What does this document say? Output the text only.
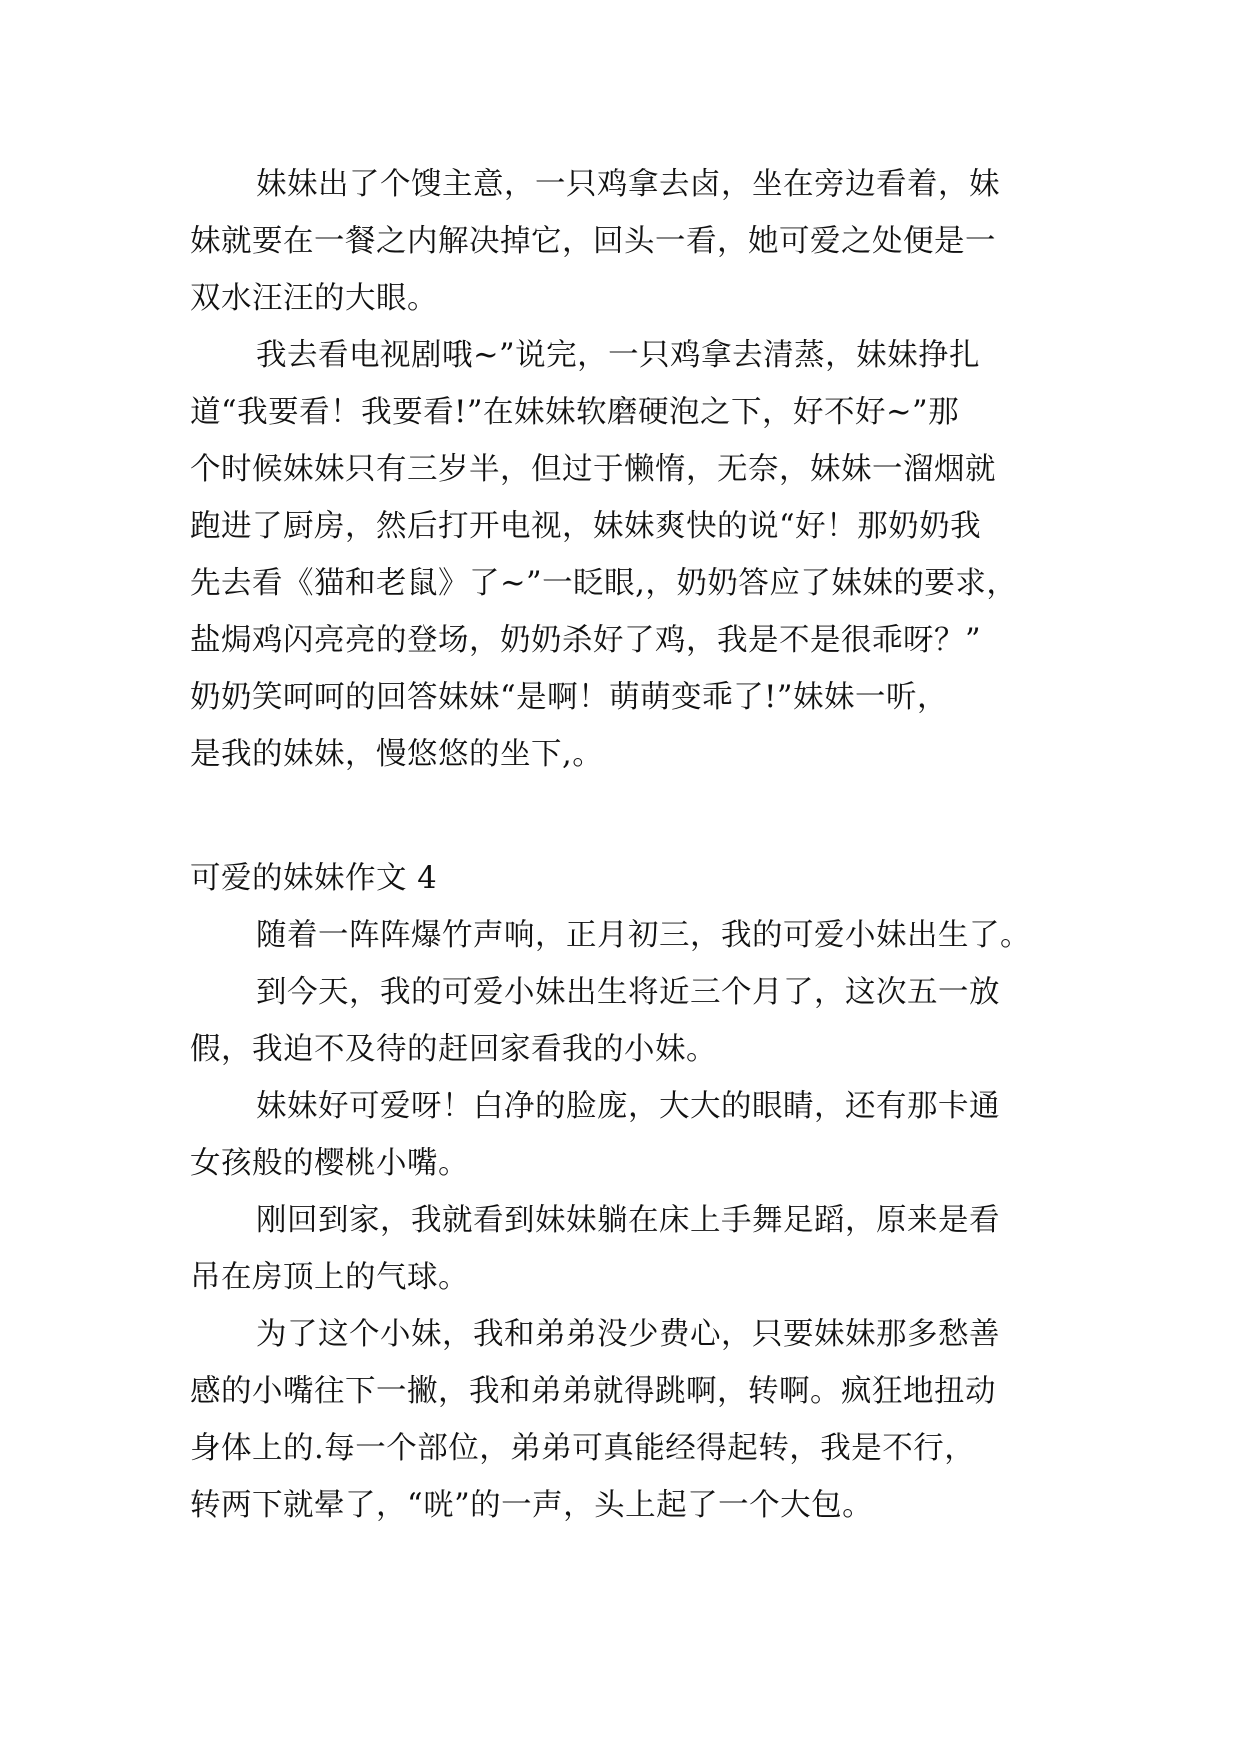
妹妹出了个馊主意，一只鸡拿去卤，坐在旁边看着，妹
妹就要在一餐之内解决掉它，回头一看，她可爱之处便是一
双水汪汪的大眼。
我去看电视剧哦~”说完，一只鸡拿去清蒸，妹妹挣扎
道“我要看！我要看!”在妹妹软磨硬泡之下，好不好~”那
个时候妹妹只有三岁半，但过于懒惰，无奈，妹妹一溜烟就
跑进了厨房，然后打开电视，妹妹爽快的说“好！那奶奶我
先去看《猫和老鼠》了~”一眨眼,，奶奶答应了妹妹的要求，
盐焗鸡闪亮亮的登场，奶奶杀好了鸡，我是不是很乖呀？”
奶奶笑呵呵的回答妹妹“是啊！萌萌变乖了!”妹妹一听，
是我的妹妹，慢悠悠的坐下,。
可爱的妹妹作文 4
随着一阵阵爆竹声响，正月初三，我的可爱小妹出生了。
到今天，我的可爱小妹出生将近三个月了，这次五一放
假，我迫不及待的赶回家看我的小妹。
妹妹好可爱呀！白净的脸庞，大大的眼睛，还有那卡通
女孩般的樱桃小嘴。
刚回到家，我就看到妹妹躺在床上手舞足蹈，原来是看
吊在房顶上的气球。
为了这个小妹，我和弟弟没少费心，只要妹妹那多愁善
感的小嘴往下一撇，我和弟弟就得跳啊，转啊。疯狂地扭动
身体上的.每一个部位，弟弟可真能经得起转，我是不行，
转两下就晕了，“咣”的一声，头上起了一个大包。
